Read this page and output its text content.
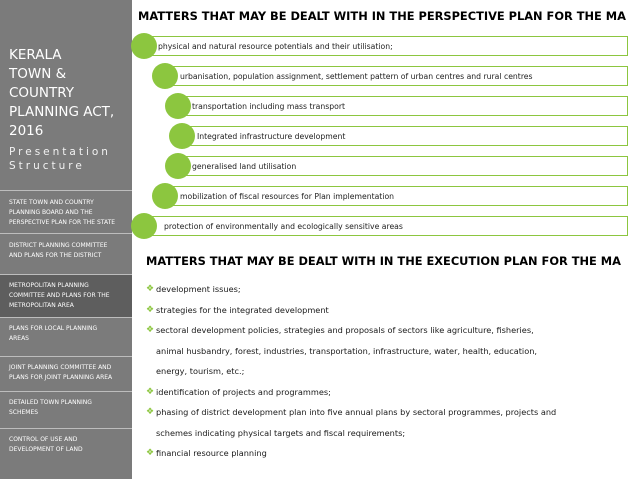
KERALA
TOWN &
COUNTRY
PLANNING ACT,
2016
Presentation
Structure
STATE TOWN AND COUNTRY
PLANNING BOARD AND THE
PERSPECTIVE PLAN FOR THE STATE
DISTRICT PLANNING COMMITTEE
AND PLANS FOR THE DISTRICT
METROPOLITAN PLANNING
COMMITTEE AND PLANS FOR THE
METROPOLITAN AREA
PLANS FOR LOCAL PLANNING
AREAS
JOINT PLANNING COMMITTEE AND
PLANS FOR JOINT PLANNING AREA
DETAILED TOWN PLANNING
SCHEMES
CONTROL OF USE AND
DEVELOPMENT OF LAND
MATTERS THAT MAY BE DEALT WITH IN THE PERSPECTIVE PLAN FOR THE MA
physical and natural resource potentials and their utilisation;
urbanisation, population assignment, settlement pattern of urban centres and rural centres
transportation including mass transport
Integrated infrastructure development
generalised land utilisation
mobilization of fiscal resources for Plan implementation
protection of environmentally and ecologically sensitive areas
MATTERS THAT MAY BE DEALT WITH IN THE EXECUTION PLAN FOR THE MA
❖ development issues;
❖ strategies for the integrated development
❖ sectoral development policies, strategies and proposals of sectors like agriculture, fisheries,
animal husbandry, forest, industries, transportation, infrastructure, water, health, education,
energy, tourism, etc.;
❖ identification of projects and programmes;
❖ phasing of district development plan into five annual plans by sectoral programmes, projects and
schemes indicating physical targets and fiscal requirements;
❖ financial resource planning
